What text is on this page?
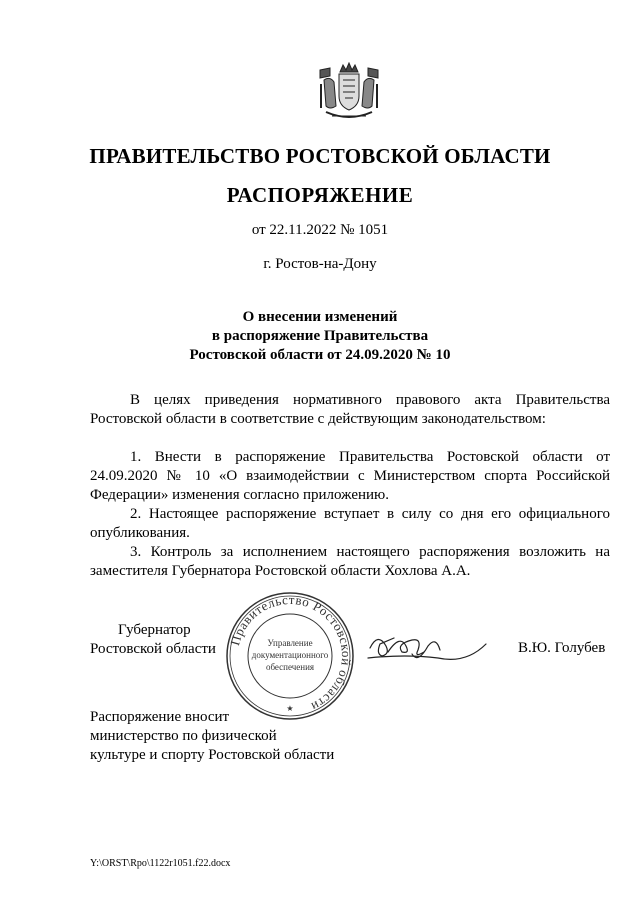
ПРАВИТЕЛЬСТВО РОСТОВСКОЙ ОБЛАСТИ
РАСПОРЯЖЕНИЕ
от 22.11.2022 № 1051
г. Ростов-на-Дону
О внесении изменений
в распоряжение Правительства
Ростовской области от 24.09.2020 № 10
В целях приведения нормативного правового акта Правительства Ростовской области в соответствие с действующим законодательством:
1. Внести в распоряжение Правительства Ростовской области от 24.09.2020 № 10 «О взаимодействии с Министерством спорта Российской Федерации» изменения согласно приложению.
2. Настоящее распоряжение вступает в силу со дня его официального опубликования.
3. Контроль за исполнением настоящего распоряжения возложить на заместителя Губернатора Ростовской области Хохлова А.А.
Губернатор
Ростовской области
Правительство Ростовской области
Управление
документационного
обеспечения
★
В.Ю. Голубев
Распоряжение вносит
министерство по физической
культуре и спорту Ростовской области
Y:\ORST\Rpo\1122r1051.f22.docx
